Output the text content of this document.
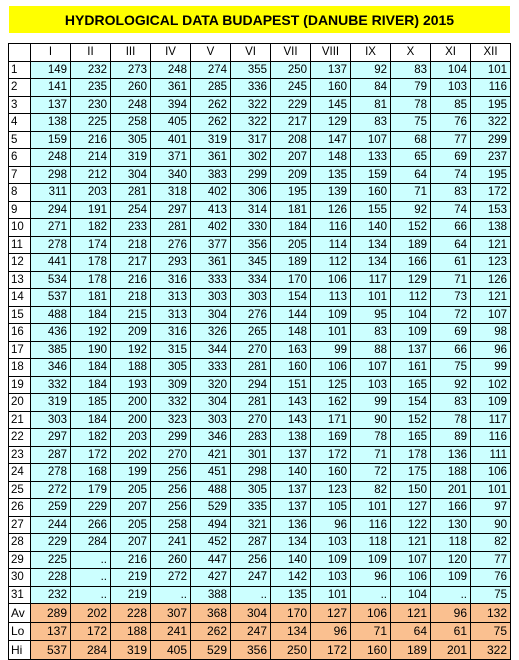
HYDROLOGICAL DATA BUDAPEST (DANUBE RIVER) 2015
	I	II	III	IV	V	VI	VII	VIII	IX	X	XI	XII
1	149	232	273	248	274	355	250	137	92	83	104	101
2	141	235	260	361	285	336	245	160	84	79	103	116
3	137	230	248	394	262	322	229	145	81	78	85	195
4	138	225	258	405	262	322	217	129	83	75	76	322
5	159	216	305	401	319	317	208	147	107	68	77	299
6	248	214	319	371	361	302	207	148	133	65	69	237
7	298	212	304	340	383	299	209	135	159	64	74	195
8	311	203	281	318	402	306	195	139	160	71	83	172
9	294	191	254	297	413	314	181	126	155	92	74	153
10	271	182	233	281	402	330	184	116	140	152	66	138
11	278	174	218	276	377	356	205	114	134	189	64	121
12	441	178	217	293	361	345	189	112	134	166	61	123
13	534	178	216	316	333	334	170	106	117	129	71	126
14	537	181	218	313	303	303	154	113	101	112	73	121
15	488	184	215	313	304	276	144	109	95	104	72	107
16	436	192	209	316	326	265	148	101	83	109	69	98
17	385	190	192	315	344	270	163	99	88	137	66	96
18	346	184	188	305	333	281	160	106	107	161	75	99
19	332	184	193	309	320	294	151	125	103	165	92	102
20	319	185	200	332	304	281	143	162	99	154	83	109
21	303	184	200	323	303	270	143	171	90	152	78	117
22	297	182	203	299	346	283	138	169	78	165	89	116
23	287	172	202	270	421	301	137	172	71	178	136	111
24	278	168	199	256	451	298	140	160	72	175	188	106
25	272	179	205	256	488	305	137	123	82	150	201	101
26	259	229	207	256	529	335	137	105	101	127	166	97
27	244	266	205	258	494	321	136	96	116	122	130	90
28	229	284	207	241	452	287	134	103	118	121	118	82
29	225	..	216	260	447	256	140	109	109	107	120	77
30	228	..	219	272	427	247	142	103	96	106	109	76
31	232	..	219	..	388	..	135	101	..	104	..	75
Av	289	202	228	307	368	304	170	127	106	121	96	132
Lo	137	172	188	241	262	247	134	96	71	64	61	75
Hi	537	284	319	405	529	356	250	172	160	189	201	322
